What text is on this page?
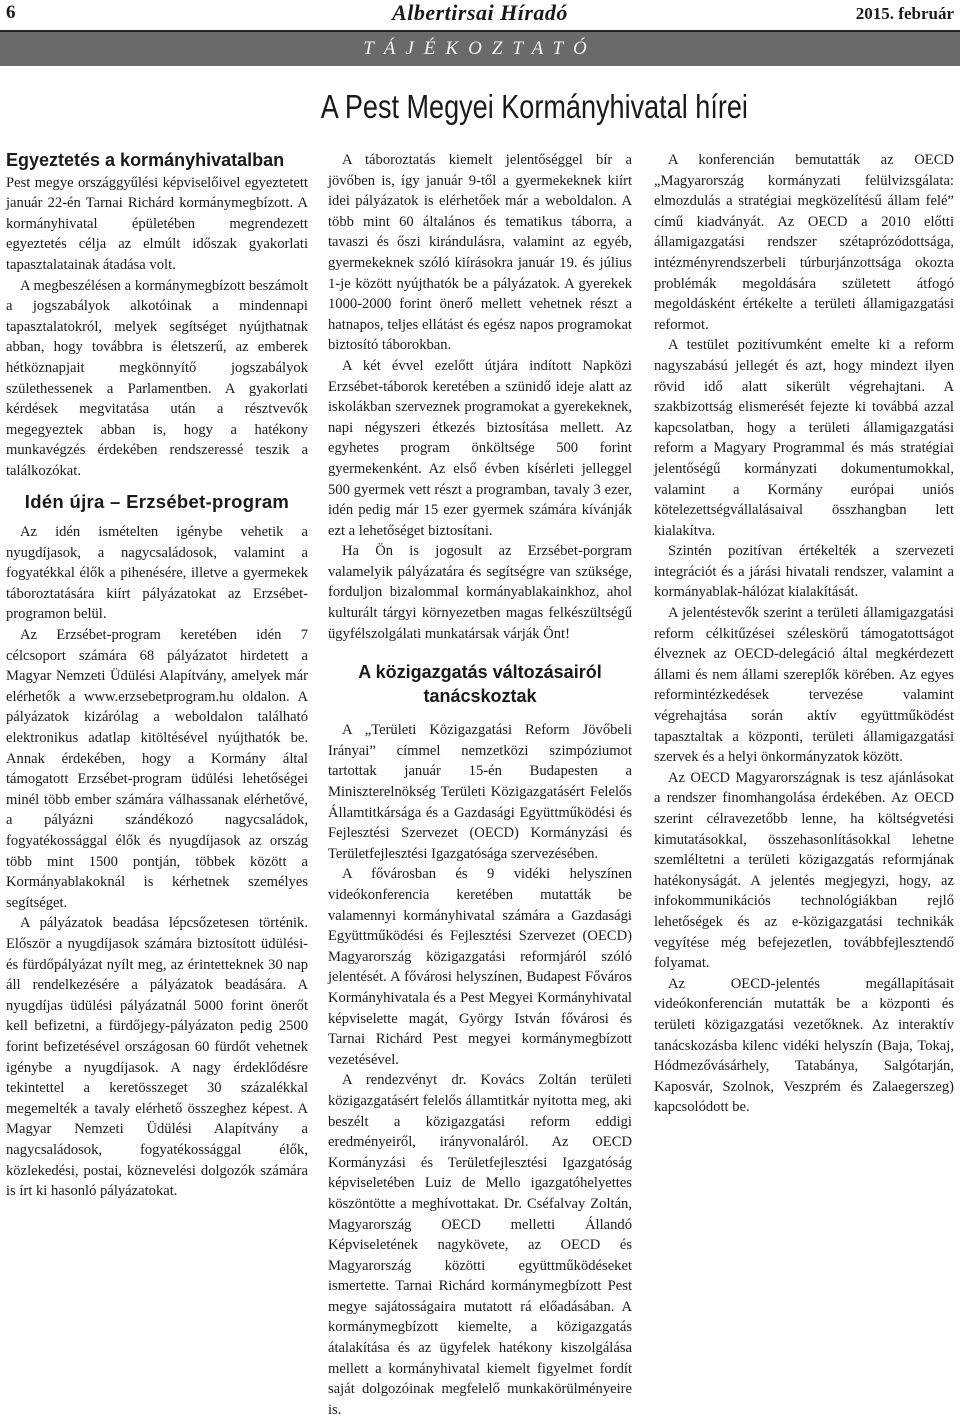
6	Albertirsai Híradó	2015. február
TÁJÉKOZTATÓ
A Pest Megyei Kormányhivatal hírei
Egyeztetés a kormányhivatalban

Pest megye országgyűlési képviselőivel egyeztetett január 22-én Tarnai Richárd kormánymegbízott. A kormányhivatal épületében megrendezett egyeztetés célja az elmúlt időszak gyakorlati tapasztalatainak átadása volt.

A megbeszélésen a kormánymegbízott beszámolt a jogszabályok alkotóinak a mindennapi tapasztalatokról, melyek segítséget nyújthatnak abban, hogy továbbra is életszerű, az emberek hétköznapjait megkönnyítő jogszabályok születhessenek a Parlamentben. A gyakorlati kérdések megvitatása után a résztvevők megegyeztek abban is, hogy a hatékony munkavégzés érdekében rendszeressé teszik a találkozókat.

Idén újra – Erzsébet-program

Az idén ismételten igénybe vehetik a nyugdíjasok, a nagycsaládosok, valamint a fogyatékkal élők a pihenésére, illetve a gyermekek táboroztatására kiírt pályázatokat az Erzsébet-programon belül.

Az Erzsébet-program keretében idén 7 célcsoport számára 68 pályázatot hirdetett a Magyar Nemzeti Üdülési Alapítvány, amelyek már elérhetők a www.erzsebetprogram.hu oldalon. A pályázatok kizárólag a weboldalon található elektronikus adatlap kitöltésével nyújthatók be. Annak érdekében, hogy a Kormány által támogatott Erzsébet-program üdülési lehetőségei minél több ember számára válhassanak elérhetővé, a pályázni szándékozó nagycsaládok, fogyatékossággal élők és nyugdíjasok az ország több mint 1500 pontján, többek között a Kormányablakoknál is kérhetnek személyes segítséget.

A pályázatok beadása lépcsőzetesen történik. Először a nyugdíjasok számára biztosított üdülési- és fürdőpályázat nyílt meg, az érintetteknek 30 nap áll rendelkezésére a pályázatok beadására. A nyugdíjas üdülési pályázatnál 5000 forint önerőt kell befizetni, a fürdőjegy-pályázaton pedig 2500 forint befizetésével országosan 60 fürdőt vehetnek igénybe a nyugdíjasok. A nagy érdeklődésre tekintettel a keretösszeget 30 százalékkal megemelték a tavaly elérhető összeghez képest. A Magyar Nemzeti Üdülési Alapítvány a nagycsaládosok, fogyatékossággal élők, közlekedési, postai, köznevelési dolgozók számára is írt ki hasonló pályázatokat.

A táboroztatás kiemelt jelentőséggel bír a jövőben is, így január 9-től a gyermekeknek kiírt idei pályázatok is elérhetőek már a weboldalon. A több mint 60 általános és tematikus táborra, a tavaszi és őszi kirándulásra, valamint az egyéb, gyermekeknek szóló kiírásokra január 19. és július 1-je között nyújthatók be a pályázatok. A gyerekek 1000-2000 forint önerő mellett vehetnek részt a hatnapos, teljes ellátást és egész napos programokat biztosító táborokban.

A két évvel ezelőtt útjára indított Napközi Erzsébet-táborok keretében a szünidő ideje alatt az iskolákban szerveznek programokat a gyerekeknek, napi négyszeri étkezés biztosítása mellett. Az egyhetes program önköltsége 500 forint gyermekenként. Az első évben kísérleti jelleggel 500 gyermek vett részt a programban, tavaly 3 ezer, idén pedig már 15 ezer gyermek számára kívánják ezt a lehetőséget biztosítani.

Ha Ön is jogosult az Erzsébet-porgram valamelyik pályázatára és segítségre van szüksége, forduljon bizalommal kormányablakainkhoz, ahol kulturált tárgyi környezetben magas felkészültségű ügyfélszolgálati munkatársak várják Önt!

A közigazgatás változásairól tanácskoztak

A „Területi Közigazgatási Reform Jövőbeli Irányai” címmel nemzetközi szimpóziumot tartottak január 15-én Budapesten a Miniszterelnökség Területi Közigazgatásért Felelős Államtitkársága és a Gazdasági Együttműködési és Fejlesztési Szervezet (OECD) Kormányzási és Területfejlesztési Igazgatósága szervezésében.

A fővárosban és 9 vidéki helyszínen videókonferencia keretében mutatták be valamennyi kormányhivatal számára a Gazdasági Együttműködési és Fejlesztési Szervezet (OECD) Magyarország közigazgatási reformjáról szóló jelentését. A fővárosi helyszínen, Budapest Főváros Kormányhivatala és a Pest Megyei Kormányhivatal képviselette magát, György István fővárosi és Tarnai Richárd Pest megyei kormánymegbízott vezetésével.

A rendezvényt dr. Kovács Zoltán területi közigazgatásért felelős államtitkár nyitotta meg, aki beszélt a közigazgatási reform eddigi eredményeiről, irányvonaláról. Az OECD Kormányzási és Területfejlesztési Igazgatóság képviseletében Luiz de Mello igazgatóhelyettes köszöntötte a meghívottakat. Dr. Cséfalvay Zoltán, Magyarország OECD melletti Állandó Képviseletének nagykövete, az OECD és Magyarország közötti együttműködéseket ismertette. Tarnai Richárd kormánymegbízott Pest megye sajátosságaira mutatott rá előadásában. A kormánymegbízott kiemelte, a közigazgatás átalakítása és az ügyfelek hatékony kiszolgálása mellett a kormányhivatal kiemelt figyelmet fordít saját dolgozóinak megfelelő munkakörülményeire is.

A konferencián bemutatták az OECD „Magyarország kormányzati felülvizsgálata: elmozdulás a stratégiai megközelítésű állam felé” című kiadványát. Az OECD a 2010 előtti államigazgatási rendszer szétaprózódottsága, intézményrendszerbeli túrburjánzottsága okozta problémák megoldására született átfogó megoldásként értékelte a területi államigazgatási reformot.

A testület pozitívumként emelte ki a reform nagyszabású jellegét és azt, hogy mindezt ilyen rövid idő alatt sikerült végrehajtani. A szakbizottság elismerését fejezte ki továbbá azzal kapcsolatban, hogy a területi államigazgatási reform a Magyary Programmal és más stratégiai jelentőségű kormányzati dokumentumokkal, valamint a Kormány európai uniós kötelezettségvállalásaival összhangban lett kialakítva.

Szintén pozitívan értékelték a szervezeti integrációt és a járási hivatali rendszer, valamint a kormányablak-hálózat kialakítását.

A jelentéstevők szerint a területi államigazgatási reform célkitűzései széleskörű támogatottságot élveznek az OECD-delegáció által megkérdezett állami és nem állami szereplők körében. Az egyes reformintézkedések tervezése valamint végrehajtása során aktív együttműködést tapasztaltak a központi, területi államigazgatási szervek és a helyi önkormányzatok között.

Az OECD Magyarországnak is tesz ajánlásokat a rendszer finomhangolása érdekében. Az OECD szerint célravezetőbb lenne, ha költségvetési kimutatásokkal, összehasonlításokkal lehetne szemléltetni a területi közigazgatás reformjának hatékonyságát. A jelentés megjegyzi, hogy, az infokommunikációs technológiákban rejlő lehetőségek és az e-közigazgatási technikák vegyítése még befejezetlen, továbbfejlesztendő folyamat.

Az OECD-jelentés megállapításait videókonferencián mutatták be a központi és területi közigazgatási vezetőknek. Az interaktív tanácskozásba kilenc vidéki helyszín (Baja, Tokaj, Hódmezővásárhely, Tatabánya, Salgótarján, Kaposvár, Szolnok, Veszprém és Zalaegerszeg) kapcsolódott be.
